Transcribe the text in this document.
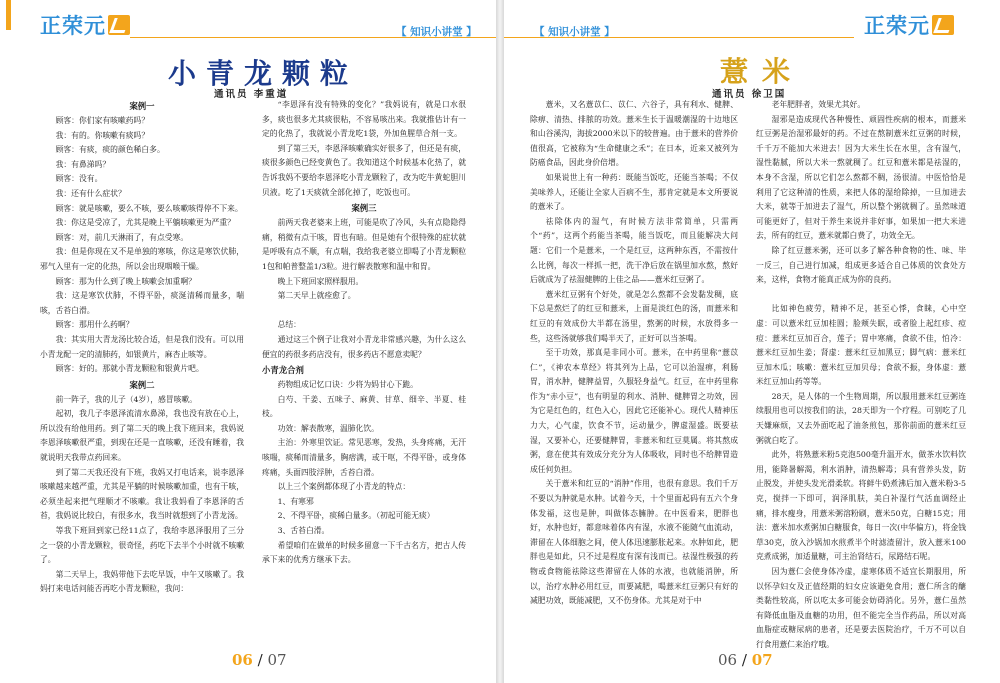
正荣元	【 知识小讲堂 】
小青龙颗粒
通讯员 李重道
案例一

顾客：你们家有咳嗽药吗？

我：有的。你咳嗽有痰吗？

顾客：有痰，痰的颜色稀白多。

我：有鼻涕吗？

顾客：没有。

我：还有什么症状？

顾客：就是咳嗽，要么不咳，要么咳嗽咳得停不下来。

我：你这是受凉了，尤其是晚上平躺咳嗽更为严重？

顾客：对，前几天淋雨了，有点受寒。

我：但是你现在又不是单独的寒咳，你这是寒饮伏肺，邪气入里有一定的化热，所以会出现咽喉干燥。

顾客：那为什么到了晚上咳嗽会加重啊？

我：这是寒饮伏肺，不得平卧，痰涎清稀而量多，喘咳，舌苔白滑。

顾客：那用什么药啊？

我：其实用大青龙汤比较合适，但是我们没有。可以用小青龙配一定的清肺药，如银黄片，麻杏止咳等。

顾客：好的。那就小青龙颗粒和银黄片吧。

案例二

前一阵子，我的儿子（4岁），感冒咳嗽。

起初，我几子李恩泽流清水鼻涕，我也没有放在心上，所以没有给他用药。到了第二天的晚上我下班回来，我妈说李恩泽咳嗽很严重，到现在还是一直咳嗽，还没有睡着，我就说明天我带点药回来。

到了第二天我还没有下班，我妈又打电话来，说李恩泽咳嗽越来越严重，尤其是平躺的时候咳嗽加重，也有干咳，必须坐起来把气理顺才不咳嗽。我让我妈看了李恩泽的舌苔，我妈说比较白，有很多水，我当时就想到了小青龙汤。

等我下班回到家已经11点了，我给李恩泽服用了三分之一袋的小青龙颗粒，很奇怪，药吃下去半个小时就不咳嗽了。

第二天早上，我妈带他下去吃早饭，中午又咳嗽了。我妈打来电话问能否再吃小青龙颗粒，我问：

“李恩泽有没有特殊的变化？”我妈说有，就是口水很多，痰也很多尤其痰很粘，不容易咳出来。我就推估计有一定的化热了，我就说小青龙吃1袋，外加鱼腥草合剂一支。

到了第三天，李恩泽咳嗽确实好很多了，但还是有痰，痰很多颜色已经变黄色了。我知道这个时候基本化热了，就告诉我妈不要给李恩泽吃小青龙颗粒了，改为吃牛黄蛇胆川贝液。吃了1天痰就全部化掉了，吃饭也可。

案例三

前两天我老婆来上班，可能是吹了冷风，头有点隐隐得痛，稍微有点干咳，胃也有暗。但是她有个很特殊的症状就是呼吸有点不顺，有点喘，我给我老婆立即喝了小青龙颗粒1包和帕普整盖1/3粒。进行解表散寒和温中和胃。

晚上下班回家照样服用。

第二天早上就痊愈了。

总结：

通过这三个例子让我对小青龙非常感兴趣，为什么这么便宜的药很多药店没有，很多药店不愿意卖呢？

小青龙合剂

药物组成记忆口诀：少将为妈甘心下跪。

白芍、干姜、五味子、麻黄、甘草、细辛、半夏、桂枝。

功效：解表散寒，温肺化饮。

主治：外寒里饮证。常见恶寒，发热，头身疼痛，无汗咳喘，痰稀而清量多，胸痞满，或干呕，不得平卧，或身体疼痛，头面四肢浮肿，舌苔白滑。

以上三个案例都体现了小青龙的特点：

1、有寒邪

2、不得平卧，痰稀白量多。（初起可能无痰）

3、舌苔白滑。

希望咱们在做单的时候多留意一下千古名方，把古人传承下来的优秀方继承下去。

06 / 07
正荣元
【 知识小讲堂 】
薏米
通讯员 徐卫国

薏米，又名薏苡仁、苡仁、六谷子，具有利水、健脾、除痹、清热、排脓的功效。薏米生长于温暖潮湿的十边地区和山谷溪沟，海拔2000米以下的较普遍。由于薏米的营养价值很高，它被称为“生命健康之禾”；在日本，近来又被列为防癌食品，因此身价倍增。

如果说世上有一种药：既能当饭吃，还能当茶喝；不仅美味养人，还能让全家人百病不生，那肯定就是本文所要说的薏米了。

祛除体内的湿气，有时候方法非常简单，只需两个“药”，这两个药能当茶喝，能当饭吃，而且能解决大问题：它们一个是薏米，一个是红豆，这两种东西，不需按什么比例，每次一样抓一把，洗干净后放在锅里加水熬，熬好后就成为了祛湿健脾的上佳之品——薏米红豆粥了。

薏米红豆粥有个好处，就是怎么熬都不会发黏发稠，底下总是熬烂了的红豆和薏米，上面是淡红色的汤，而薏米和红豆的有效成份大半都在汤里，熬粥的时候，水放得多一些，这些汤就够我们喝半天了，正好可以当茶喝。

至于功效，那真是非同小可。薏米，在中药里称“薏苡仁”，《神农本草经》将其列为上品，它可以治湿痹，利肠胃，消水肿，健脾益胃，久服轻身益气。红豆，在中药里称作为“赤小豆”，也有明显的利水、消肿、健脾胃之功效，因为它是红色的，红色入心，因此它还能补心。现代人精神压力大，心气虚，饮食不节，运动量少，脾虚湿盛。既要祛湿，又要补心，还要健脾胃，非薏米和红豆莫属。将其熬成粥，意在使其有效成分充分为人体吸收，同时也不给脾胃造成任何负担。

关于薏米和红豆的“消肿”作用，也很有意思。我们千万不要以为肿就是水肿。试着今天，十个里面起码有五六个身体发福，这也是肿，叫做体态臃肿。在中医看来，肥胖也好，水肿也好，都意味着体内有湿，水液不能随气血流动，滞留在人体细胞之间，使人体迅速膨胀起来。水肿如此，肥胖也是如此，只不过是程度有深有浅而已。祛湿性极强的药物或食物能祛除这些滞留在人体的水液，也就能消肿，所以，治疗水肿必用红豆，而要减肥，喝薏米红豆粥只有好的减肥功效，既能减肥，又不伤身体。尤其是对于中

老年肥胖者，效果尤其好。

湿邪是造成现代各种慢性、顽固性疾病的根本，而薏米红豆粥是治湿邪最好的药。不过在熬制薏米红豆粥的时候，千千万不能加大米进去！因为大米生长在水里，含有湿气，湿性黏腻，所以大米一熬就稠了。红豆和薏米都是祛湿的，本身不含湿，所以它们怎么熬都不稠，汤很清。中医恰恰是利用了它这种清的性质，来把人体的湿给除掉，一旦加进去大米，就等于加进去了湿气，所以整个粥就稠了。虽然味道可能更好了，但对于养生来说并非好事，如果加一把大米进去，所有的红豆，薏米就都白费了，功效全无。

除了红豆薏米粥，还可以多了解各种食物的性、味、毕一反三，自己进行加减，组成更多适合自己体质的饮食处方来，这样，食物才能真正成为你的良药。

比如神色疲劳，精神不足，甚至心悸，食睐，心中空虚：可以薏米红豆加桂圆；脸颊失眠，或者脸上起红疹、痘痘：薏米红豆加百合，莲子；胃中寒痛，食欲不佳，怕冷：薏米红豆加生姜；肾虚：薏米红豆加黑豆；脚气病：薏米红豆加木瓜；咳嗽：薏米红豆加贝母；食欲不振，身体虚：薏米红豆加山药等等。

28天，是人体的一个生物周期，所以服用薏米红豆粥连续服用也可以按我们的法，28天即为一个疗程。可别吃了几天嫌麻烦，又去外面吃起了油条煎包，那你前面的薏米红豆粥就白吃了。

此外，将熟薏米粉5克泡500毫升温开水，做茶水饮料饮用，能降暑解渴，利水消肿，清热解毒；具有营养头发，防止脱发，并使头发光滑柔软。将鲜牛奶煮沸后加入薏米粉3-5克，搅拌一下即可，润泽肌肤，美白补湿行气活血调经止痛，排水瘦身，用薏米粥溶粉刷，薏米50克，白糖15克；用法：薏米加水煮粥加白糖服食，每日一次(中华偏方)，将金钱草30克，放入沙锅加水煎煮半个时滤渣留汁，放入薏米100克煮成粥，加适量糖，可主治肾结石，尿路结石呢。

因为薏仁会使身体冷虚，虚寒体质不适宜长期服用，所以怀孕妇女及正值经期的妇女应该避免食用；薏仁所含的醣类黏性较高，所以吃太多可能会妨碍消化。另外，薏仁虽然有降低血脂及血糖的功用，但不能完全当作药品，所以对高血脂症或糖尿病的患者，还是要去医院治疗，千万不可以自行食用薏仁来治疗哦。

06 / 07
